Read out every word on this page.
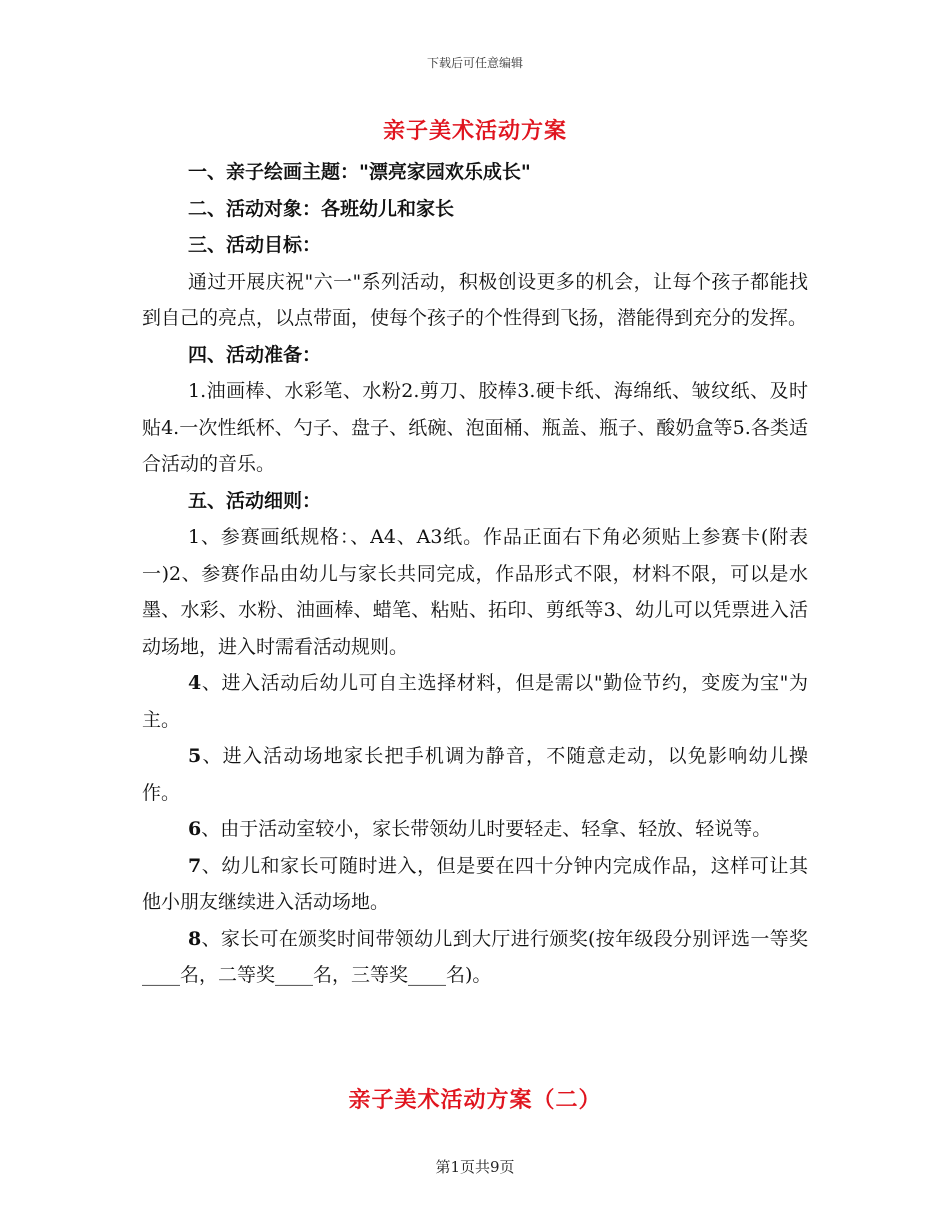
下载后可任意编辑
亲子美术活动方案

一、亲子绘画主题："漂亮家园欢乐成长"

二、活动对象：各班幼儿和家长

三、活动目标：

通过开展庆祝"六一"系列活动，积极创设更多的机会，让每个孩子都能找到自己的亮点，以点带面，使每个孩子的个性得到飞扬，潜能得到充分的发挥。

四、活动准备：

1.油画棒、水彩笔、水粉2.剪刀、胶棒3.硬卡纸、海绵纸、皱纹纸、及时贴4.一次性纸杯、勺子、盘子、纸碗、泡面桶、瓶盖、瓶子、酸奶盒等5.各类适合活动的音乐。

五、活动细则：

1、参赛画纸规格：、A4、A3纸。作品正面右下角必须贴上参赛卡(附表一)2、参赛作品由幼儿与家长共同完成，作品形式不限，材料不限，可以是水墨、水彩、水粉、油画棒、蜡笔、粘贴、拓印、剪纸等3、幼儿可以凭票进入活动场地，进入时需看活动规则。

4、进入活动后幼儿可自主选择材料，但是需以"勤俭节约，变废为宝"为主。

5、进入活动场地家长把手机调为静音，不随意走动，以免影响幼儿操作。

6、由于活动室较小，家长带领幼儿时要轻走、轻拿、轻放、轻说等。

7、幼儿和家长可随时进入，但是要在四十分钟内完成作品，这样可让其他小朋友继续进入活动场地。

8、家长可在颁奖时间带领幼儿到大厅进行颁奖(按年级段分别评选一等奖____名，二等奖____名，三等奖____名)。

亲子美术活动方案（二）
第1页共9页
